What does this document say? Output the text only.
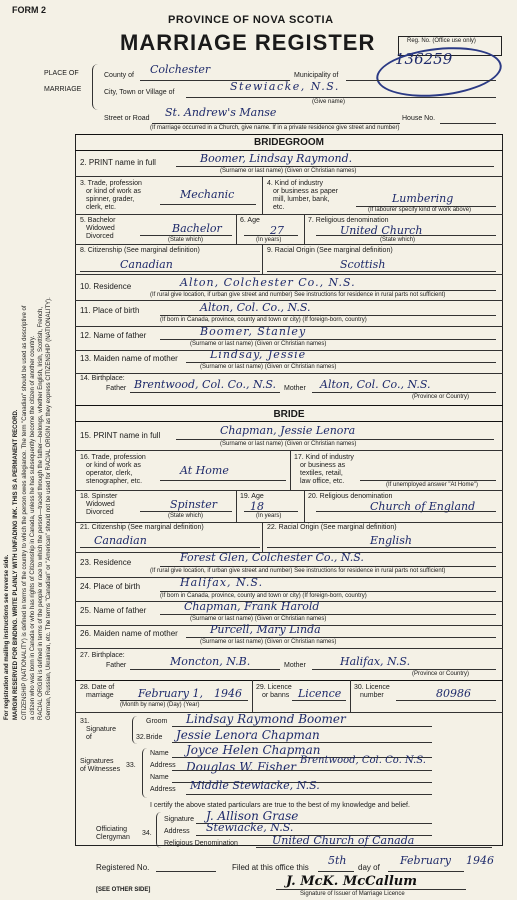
FORM 2
PROVINCE OF NOVA SCOTIA
MARRIAGE REGISTER	Reg. No. (Office use only)
136259
PLACE OF
MARRIAGE
County of Colchester	Municipality of
City, Town or Village of	Stewiacke, N.S.
(Give name)
Street or Road St. Andrew's Manse	House No.
(If marriage occurred in a Church, give name. If in a private residence give street and number)
For registration and mailing instructions see reverse side. MARGIN RESERVED FOR BINDING. WRITE PLAINLY WITH UNFADING INK. THIS IS A PERMANENT RECORD. CITIZENSHIP (NATIONALITY) is defined in terms of the country to which the person owes allegiance. The term "Canadian" should be used as descriptive of a citizen who was born in Canada or who has rights of Citizenship in Canada, unless he has subsequently become the citizen of another country. RACIAL ORIGIN is defined in terms of the people or race to which the person—traced through the father—belongs, whether English, Irish, Scottish, French, German, Russian, Ukrainian, etc. The terms "Canadian" or "American" should not be used for RACIAL ORIGIN as they express CITIZENSHIP (NATIONALITY).
BRIDEGROOM
2. PRINT name in full	Boomer, Lindsay Raymond.
(Surname or last name) (Given or Christian names)
3. Trade, profession
or kind of work as
spinner, grader,
clerk, etc.
Mechanic
4. Kind of industry
or business as paper
mill, lumber, bank,
etc.
Lumbering
(If labourer specify kind of work above)
5. Bachelor
Widowed
Divorced
Bachelor
(State which)
6. Age
27
(In years)
7. Religious denomination
United Church
(State which)
8. Citizenship (See marginal definition)
Canadian
9. Racial Origin (See marginal definition)
Scottish
10. Residence	Alton, Colchester Co., N.S.
(If rural give location, if urban give street and number) See instructions for residence in rural parts not sufficient)
11. Place of birth	Alton, Col. Co., N.S.
(If born in Canada, province, county and town or city) (If foreign-born, country)
12. Name of father	Boomer, Stanley
(Surname or last name) (Given or Christian names)
13. Maiden name of mother	Lindsay, Jessie
(Surname or last name) (Given or Christian names)
14. Birthplace:
Father Brentwood, Col. Co., N.S. Mother Alton, Col. Co., N.S.
(Province or Country)
BRIDE
15. PRINT name in full	Chapman, Jessie Lenora
(Surname or last name) (Given or Christian names)
16. Trade, profession
or kind of work as
operator, clerk,
stenographer, etc.
At Home
17. Kind of industry
or business as
textiles, retail,
law office, etc.	(If unemployed answer "At Home")
18. Spinster
Widowed
Divorced
Spinster
(State which)
19. Age
18
(In years)
20. Religious denomination
Church of England
21. Citizenship (See marginal definition)
Canadian
22. Racial Origin (See marginal definition)
English
23. Residence	Forest Glen, Colchester Co., N.S.
(If rural give location, if urban give street and number) See instructions for residence in rural parts not sufficient)
24. Place of birth	Halifax, N.S.
(If born in Canada, province, county and town or city) (If foreign-born, country)
25. Name of father	Chapman, Frank Harold
(Surname or last name) (Given or Christian names)
26. Maiden name of mother	Purcell, Mary Linda
(Surname or last name) (Given or Christian names)
27. Birthplace:
Father	Moncton, N.B.	Mother	Halifax, N.S.
(Province or Country)
28. Date of
marriage February 1, 1946
(Month by name) (Day) (Year)
29. Licence
or banns Licence 30. Licence
number	80986
31.
Signature
of
Groom Lindsay Raymond Boomer
Bride
32.	Jessie Lenora Chapman
Signatures
of Witnesses
33.
Name Joyce Helen Chapman
Address	Brentwood, Col. Co. N.S.
Douglas W. Fisher
Name
Address Middle Stewiacke, N.S.
I certify the above stated particulars are true to the best of my knowledge and belief.
Officiating
Clergyman
34.
Signature J. Allison Grase
Address Stewiacke, N.S.
Religious Denomination	United Church of Canada
Registered No.	Filed at this office this
5th
day of
February 1946
J. McK. McCallum
Signature of Issuer of Marriage Licence
[SEE OTHER SIDE]
